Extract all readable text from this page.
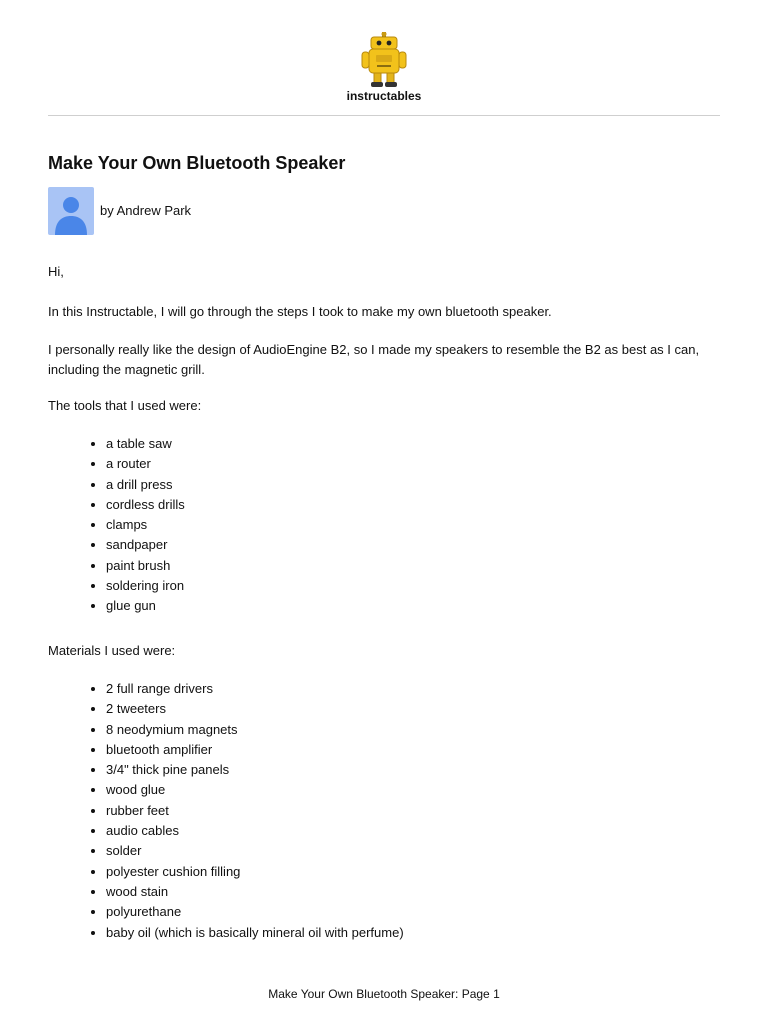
instructables
Make Your Own Bluetooth Speaker
by Andrew Park

Hi,

In this Instructable, I will go through the steps I took to make my own bluetooth speaker.

I personally really like the design of AudioEngine B2, so I made my speakers to resemble the B2 as best as I can, including the magnetic grill.

The tools that I used were:

• a table saw
• a router
• a drill press
• cordless drills
• clamps
• sandpaper
• paint brush
• soldering iron
• glue gun

Materials I used were:

• 2 full range drivers
• 2 tweeters
• 8 neodymium magnets
• bluetooth amplifier
• 3/4" thick pine panels
• wood glue
• rubber feet
• audio cables
• solder
• polyester cushion filling
• wood stain
• polyurethane
• baby oil (which is basically mineral oil with perfume)
Make Your Own Bluetooth Speaker: Page 1
